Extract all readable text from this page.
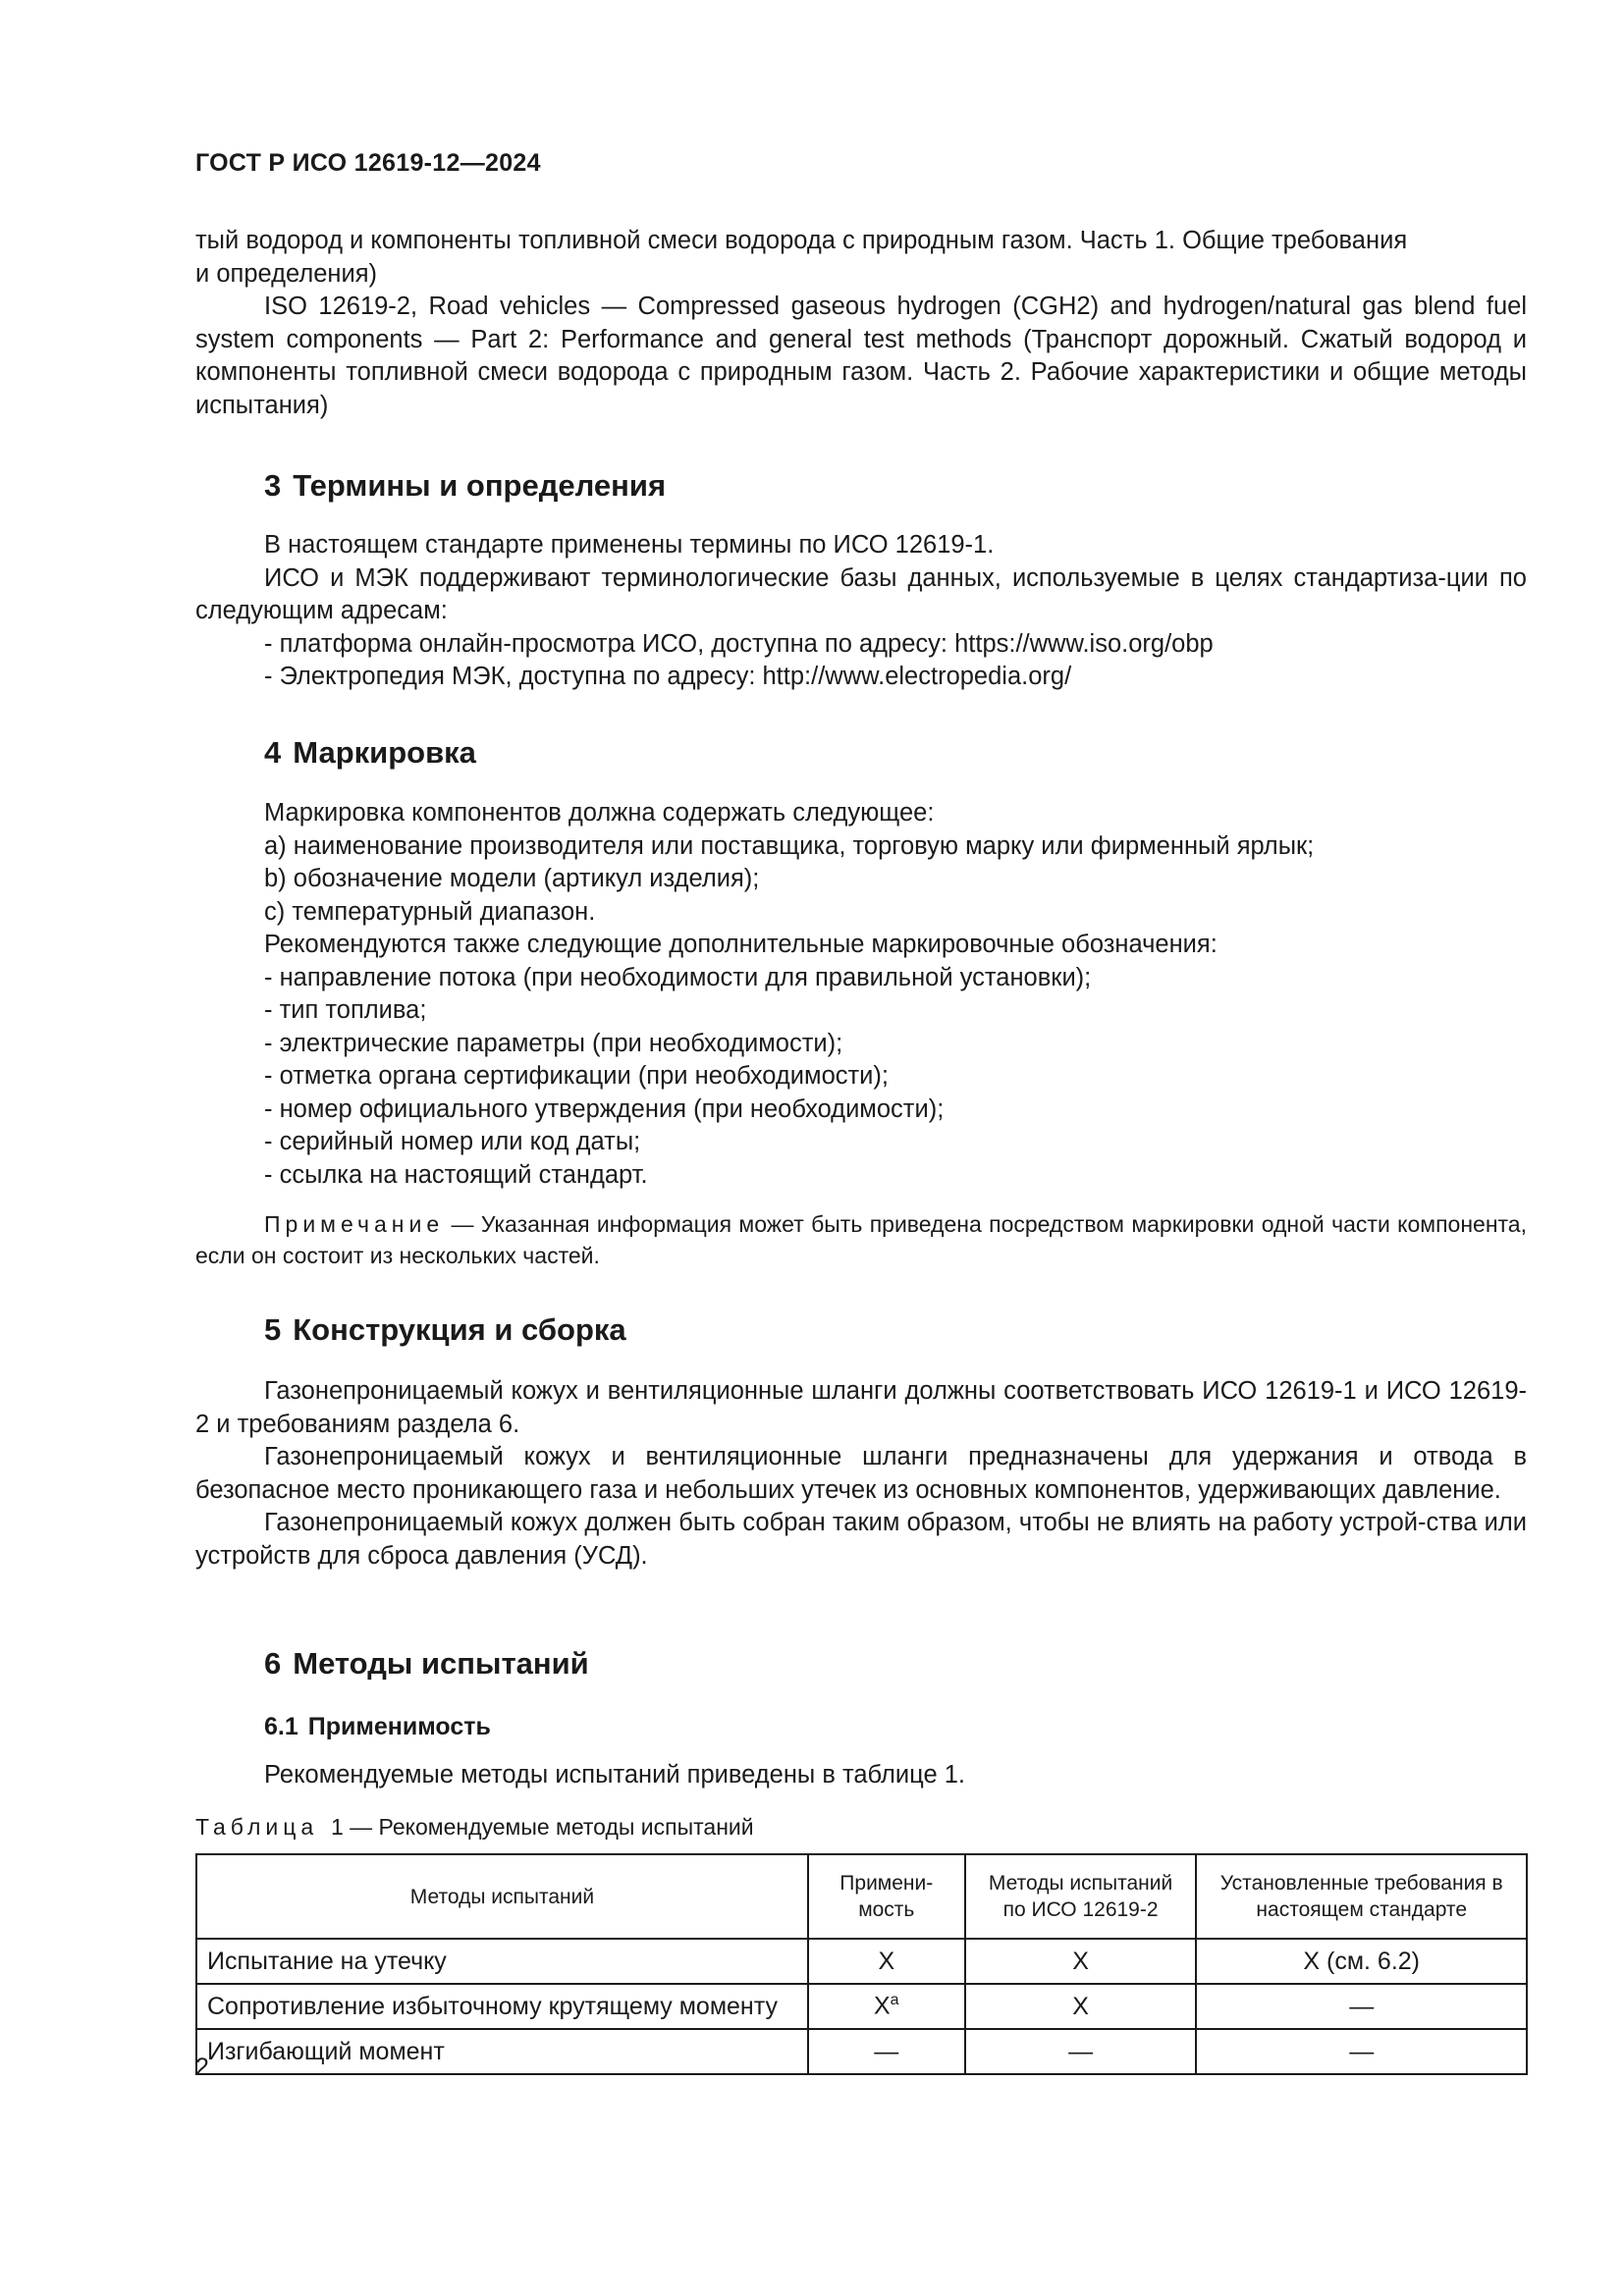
ГОСТ Р ИСО 12619-12—2024

тый водород и компоненты топливной смеси водорода с природным газом. Часть 1. Общие требования

и определения)

ISO 12619-2, Road vehicles — Compressed gaseous hydrogen (CGH2) and hydrogen/natural gas blend fuel system components — Part 2: Performance and general test methods (Транспорт дорожный. Сжатый водород и компоненты топливной смеси водорода с природным газом. Часть 2. Рабочие характеристики и общие методы испытания)

3 Термины и определения

В настоящем стандарте применены термины по ИСО 12619-1.

ИСО и МЭК поддерживают терминологические базы данных, используемые в целях стандартиза-ции по следующим адресам:

- платформа онлайн-просмотра ИСО, доступна по адресу: https://www.iso.org/obp

- Электропедия МЭК, доступна по адресу: http://www.electropedia.org/

4 Маркировка

Маркировка компонентов должна содержать следующее:

a) наименование производителя или поставщика, торговую марку или фирменный ярлык;

b) обозначение модели (артикул изделия);

c) температурный диапазон.

Рекомендуются также следующие дополнительные маркировочные обозначения:

- направление потока (при необходимости для правильной установки);

- тип топлива;

- электрические параметры (при необходимости);

- отметка органа сертификации (при необходимости);

- номер официального утверждения (при необходимости);

- серийный номер или код даты;

- ссылка на настоящий стандарт.

Примечание — Указанная информация может быть приведена посредством маркировки одной части компонента, если он состоит из нескольких частей.
5 Конструкция и сборка

Газонепроницаемый кожух и вентиляционные шланги должны соответствовать ИСО 12619-1 и ИСО 12619-2 и требованиям раздела 6.

Газонепроницаемый кожух и вентиляционные шланги предназначены для удержания и отвода в безопасное место проникающего газа и небольших утечек из основных компонентов, удерживающих давление.

Газонепроницаемый кожух должен быть собран таким образом, чтобы не влиять на работу устрой-ства или устройств для сброса давления (УСД).

6 Методы испытаний
6.1 Применимость

Рекомендуемые методы испытаний приведены в таблице 1.

Таблица 1 — Рекомендуемые методы испытаний
Методы испытаний	Примени-мость	Методы испытаний по ИСО 12619-2	Установленные требования в настоящем стандарте
Испытание на утечку	X	X	X (см. 6.2)
Сопротивление избыточному крутящему моменту	$X^a$	X	—
Изгибающий момент	—	—	—
2
